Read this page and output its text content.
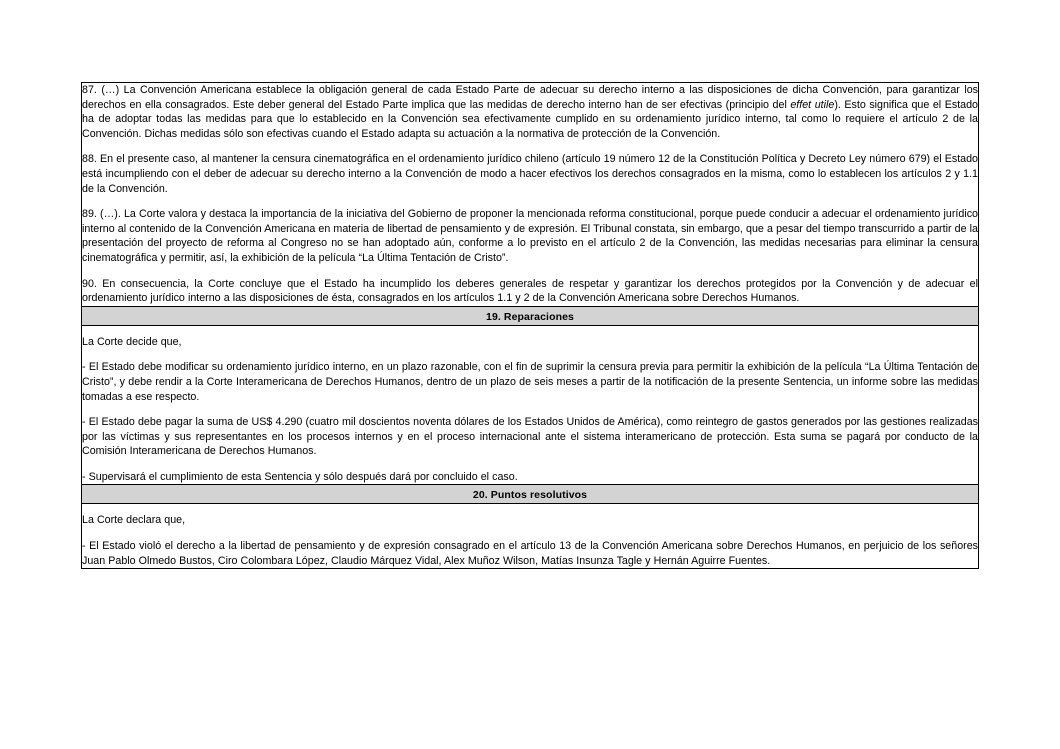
87. (…) La Convención Americana establece la obligación general de cada Estado Parte de adecuar su derecho interno a las disposiciones de dicha Convención, para garantizar los derechos en ella consagrados. Este deber general del Estado Parte implica que las medidas de derecho interno han de ser efectivas (principio del effet utile). Esto significa que el Estado ha de adoptar todas las medidas para que lo establecido en la Convención sea efectivamente cumplido en su ordenamiento jurídico interno, tal como lo requiere el artículo 2 de la Convención. Dichas medidas sólo son efectivas cuando el Estado adapta su actuación a la normativa de protección de la Convención.

88. En el presente caso, al mantener la censura cinematográfica en el ordenamiento jurídico chileno (artículo 19 número 12 de la Constitución Política y Decreto Ley número 679) el Estado está incumpliendo con el deber de adecuar su derecho interno a la Convención de modo a hacer efectivos los derechos consagrados en la misma, como lo establecen los artículos 2 y 1.1 de la Convención.

89. (…). La Corte valora y destaca la importancia de la iniciativa del Gobierno de proponer la mencionada reforma constitucional, porque puede conducir a adecuar el ordenamiento jurídico interno al contenido de la Convención Americana en materia de libertad de pensamiento y de expresión. El Tribunal constata, sin embargo, que a pesar del tiempo transcurrido a partir de la presentación del proyecto de reforma al Congreso no se han adoptado aún, conforme a lo previsto en el artículo 2 de la Convención, las medidas necesarias para eliminar la censura cinematográfica y permitir, así, la exhibición de la película “La Última Tentación de Cristo”.

90. En consecuencia, la Corte concluye que el Estado ha incumplido los deberes generales de respetar y garantizar los derechos protegidos por la Convención y de adecuar el ordenamiento jurídico interno a las disposiciones de ésta, consagrados en los artículos 1.1 y 2 de la Convención Americana sobre Derechos Humanos.

19. Reparaciones

La Corte decide que,

- El Estado debe modificar su ordenamiento jurídico interno, en un plazo razonable, con el fin de suprimir la censura previa para permitir la exhibición de la película “La Última Tentación de Cristo”, y debe rendir a la Corte Interamericana de Derechos Humanos, dentro de un plazo de seis meses a partir de la notificación de la presente Sentencia, un informe sobre las medidas tomadas a ese respecto.

- El Estado debe pagar la suma de US$ 4.290 (cuatro mil doscientos noventa dólares de los Estados Unidos de América), como reintegro de gastos generados por las gestiones realizadas por las víctimas y sus representantes en los procesos internos y en el proceso internacional ante el sistema interamericano de protección. Esta suma se pagará por conducto de la Comisión Interamericana de Derechos Humanos.

- Supervisará el cumplimiento de esta Sentencia y sólo después dará por concluido el caso.

20. Puntos resolutivos

La Corte declara que,

- El Estado violó el derecho a la libertad de pensamiento y de expresión consagrado en el artículo 13 de la Convención Americana sobre Derechos Humanos, en perjuicio de los señores Juan Pablo Olmedo Bustos, Ciro Colombara López, Claudio Márquez Vidal, Alex Muñoz Wilson, Matías Insunza Tagle y Hernán Aguirre Fuentes.
